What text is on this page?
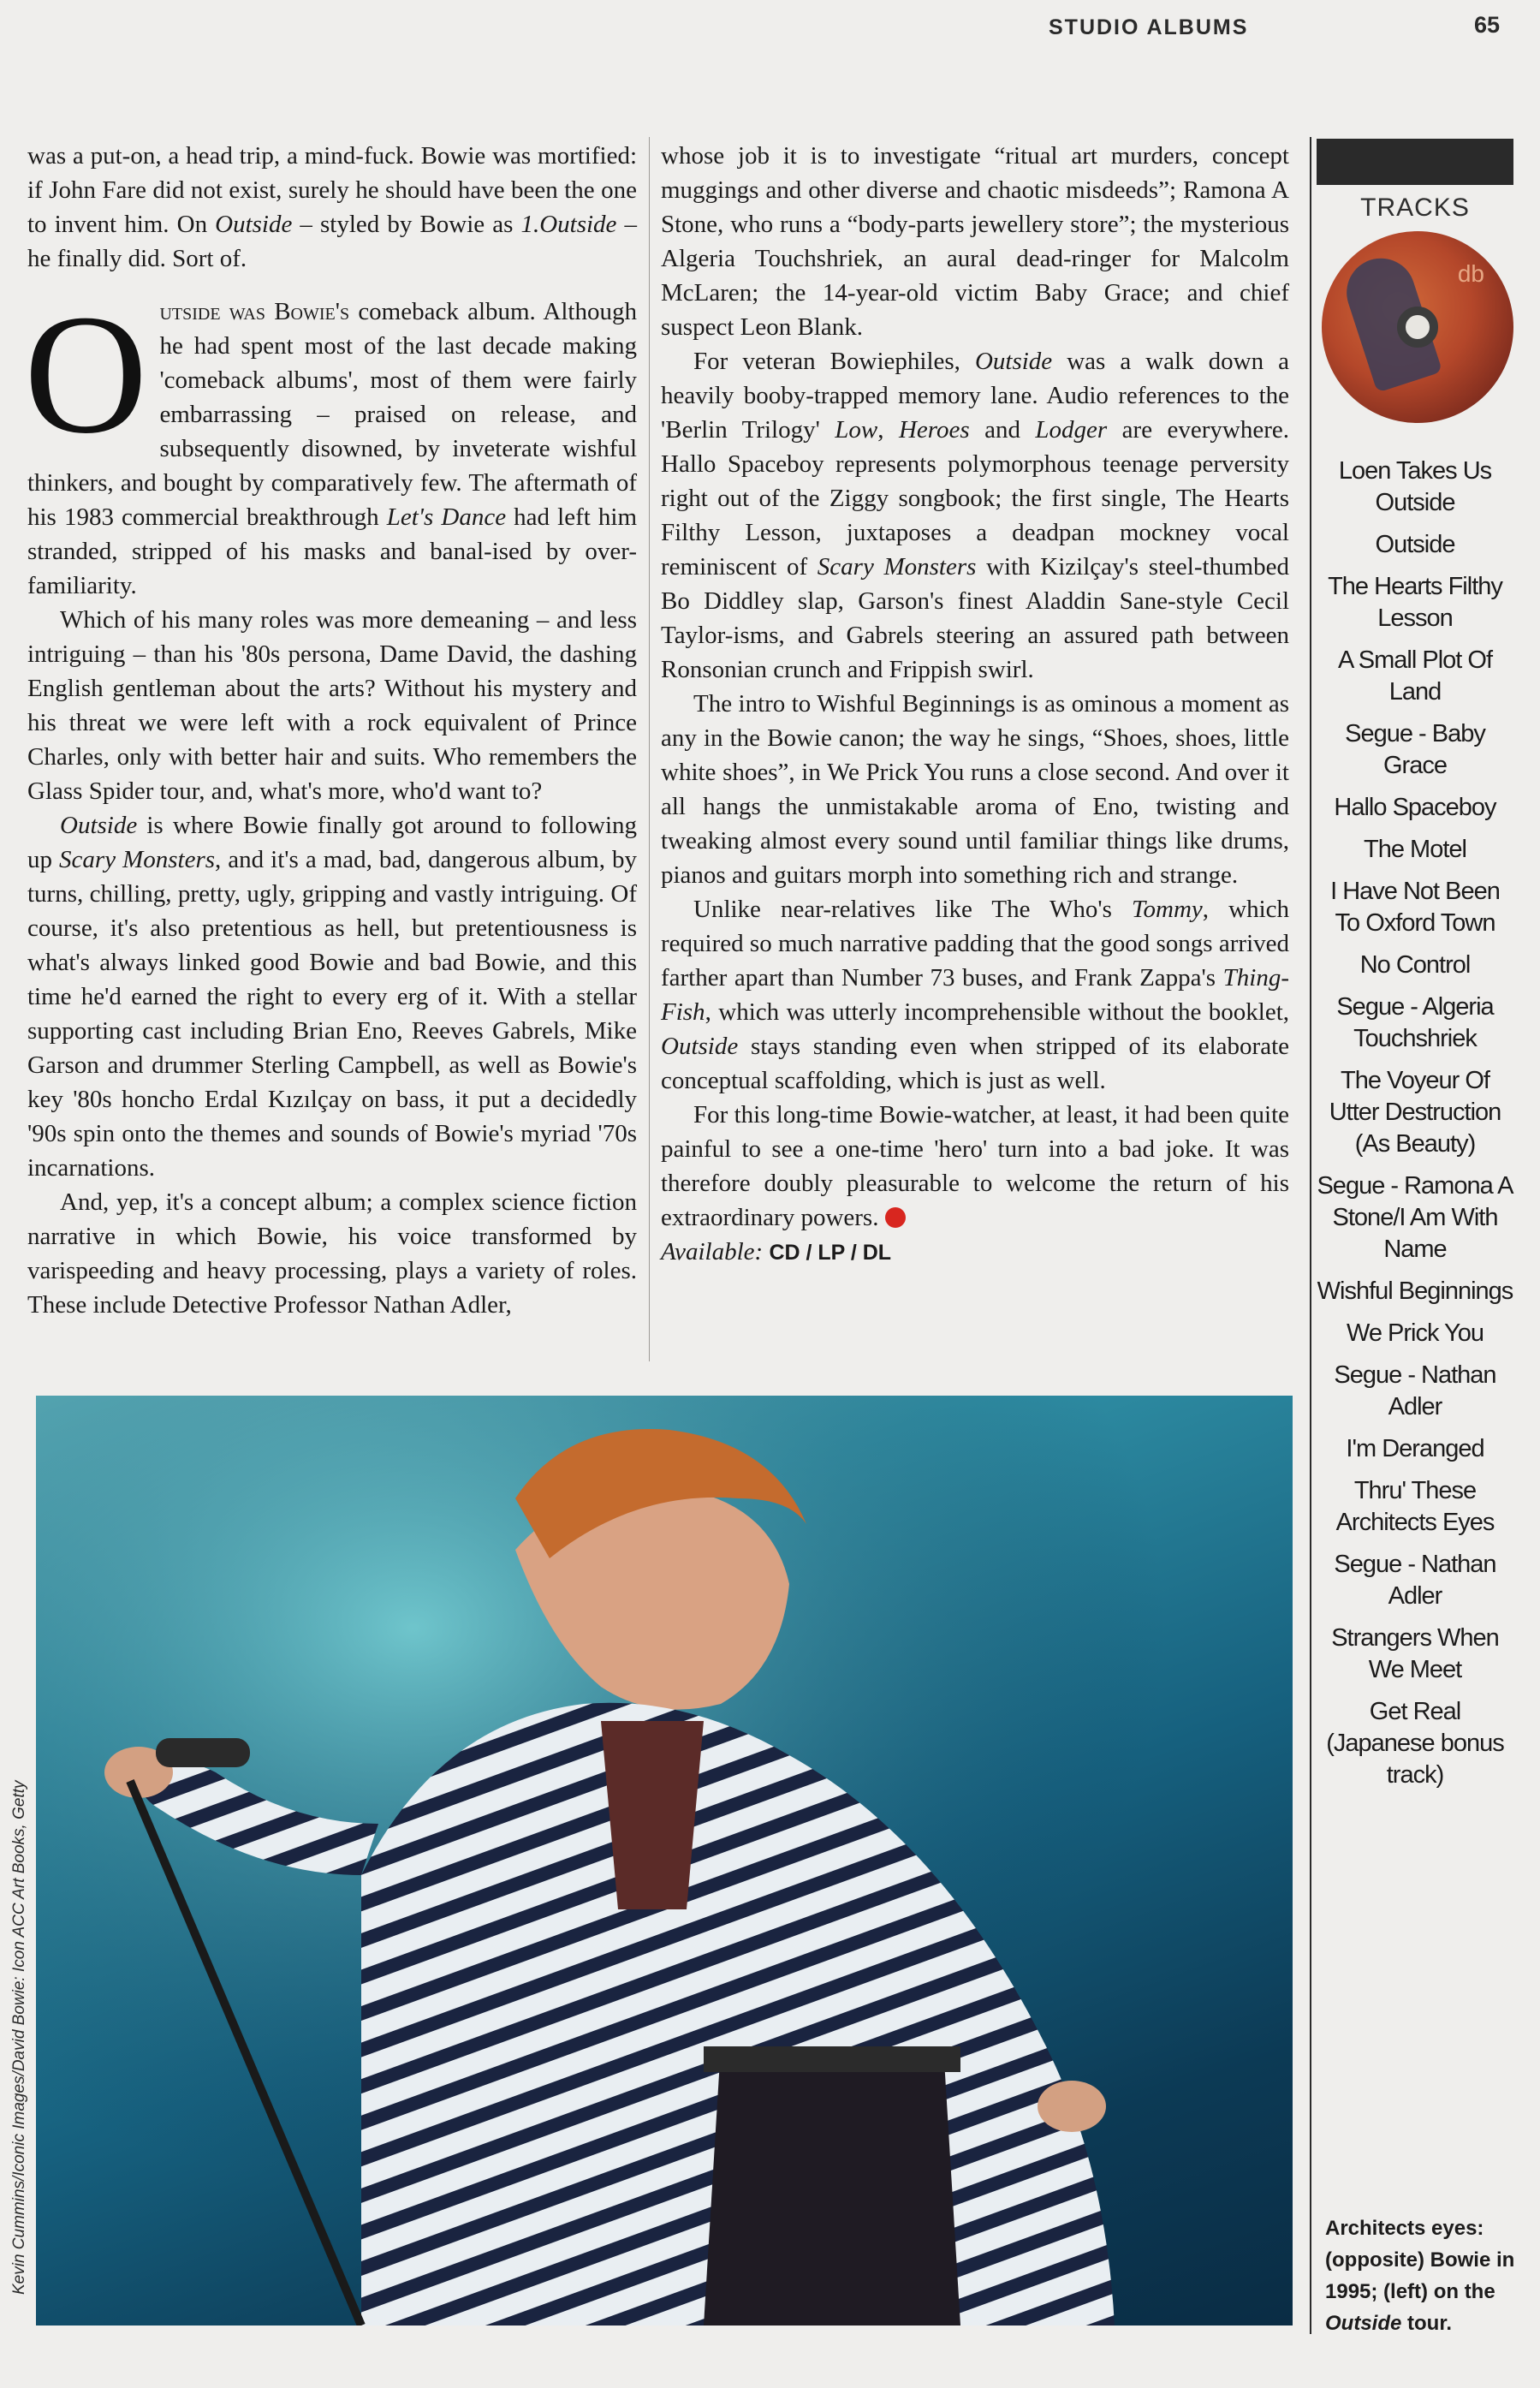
STUDIO ALBUMS	65

was a put-on, a head trip, a mind-fuck. Bowie was mortified: if John Fare did not exist, surely he should have been the one to invent him. On Outside – styled by Bowie as 1.Outside – he finally did. Sort of.

Outside was Bowie's comeback album. Although he had spent most of the last decade making 'comeback albums', most of them were fairly embarrassing – praised on release, and subsequently disowned, by inveterate wishful thinkers, and bought by comparatively few. The aftermath of his 1983 commercial breakthrough Let's Dance had left him stranded, stripped of his masks and banal-ised by over-familiarity.

Which of his many roles was more demeaning – and less intriguing – than his '80s persona, Dame David, the dashing English gentleman about the arts? Without his mystery and his threat we were left with a rock equivalent of Prince Charles, only with better hair and suits. Who remembers the Glass Spider tour, and, what's more, who'd want to?

Outside is where Bowie finally got around to following up Scary Monsters, and it's a mad, bad, dangerous album, by turns, chilling, pretty, ugly, gripping and vastly intriguing. Of course, it's also pretentious as hell, but pretentiousness is what's always linked good Bowie and bad Bowie, and this time he'd earned the right to every erg of it. With a stellar supporting cast including Brian Eno, Reeves Gabrels, Mike Garson and drummer Sterling Campbell, as well as Bowie's key '80s honcho Erdal Kızılçay on bass, it put a decidedly '90s spin onto the themes and sounds of Bowie's myriad '70s incarnations.

And, yep, it's a concept album; a complex science fiction narrative in which Bowie, his voice transformed by varispeeding and heavy processing, plays a variety of roles. These include Detective Professor Nathan Adler,

whose job it is to investigate “ritual art murders, concept muggings and other diverse and chaotic misdeeds”; Ramona A Stone, who runs a “body-parts jewellery store”; the mysterious Algeria Touchshriek, an aural dead-ringer for Malcolm McLaren; the 14-year-old victim Baby Grace; and chief suspect Leon Blank.

For veteran Bowiephiles, Outside was a walk down a heavily booby-trapped memory lane. Audio references to the 'Berlin Trilogy' Low, Heroes and Lodger are everywhere. Hallo Spaceboy represents polymorphous teenage perversity right out of the Ziggy songbook; the first single, The Hearts Filthy Lesson, juxtaposes a deadpan mockney vocal reminiscent of Scary Monsters with Kizilçay's steel-thumbed Bo Diddley slap, Garson's finest Aladdin Sane-style Cecil Taylor-isms, and Gabrels steering an assured path between Ronsonian crunch and Frippish swirl.

The intro to Wishful Beginnings is as ominous a moment as any in the Bowie canon; the way he sings, “Shoes, shoes, little white shoes”, in We Prick You runs a close second. And over it all hangs the unmistakable aroma of Eno, twisting and tweaking almost every sound until familiar things like drums, pianos and guitars morph into something rich and strange.

Unlike near-relatives like The Who's Tommy, which required so much narrative padding that the good songs arrived farther apart than Number 73 buses, and Frank Zappa's Thing-Fish, which was utterly incomprehensible without the booklet, Outside stays standing even when stripped of its elaborate conceptual scaffolding, which is just as well.

For this long-time Bowie-watcher, at least, it had been quite painful to see a one-time 'hero' turn into a bad joke. It was therefore doubly pleasurable to welcome the return of his extraordinary powers.

Available: CD / LP / DL

TRACKS
db
Loen Takes Us Outside
Outside
The Hearts Filthy Lesson
A Small Plot Of Land
Segue - Baby Grace
Hallo Spaceboy
The Motel
I Have Not Been To Oxford Town
No Control
Segue - Algeria Touchshriek
The Voyeur Of Utter Destruction (As Beauty)
Segue - Ramona A Stone/I Am With Name
Wishful Beginnings
We Prick You
Segue - Nathan Adler
I'm Deranged
Thru' These Architects Eyes
Segue - Nathan Adler
Strangers When We Meet
Get Real (Japanese bonus track)
Architects eyes: (opposite) Bowie in 1995; (left) on the Outside tour.
Kevin Cummins/Iconic Images/David Bowie: Icon ACC Art Books, Getty
